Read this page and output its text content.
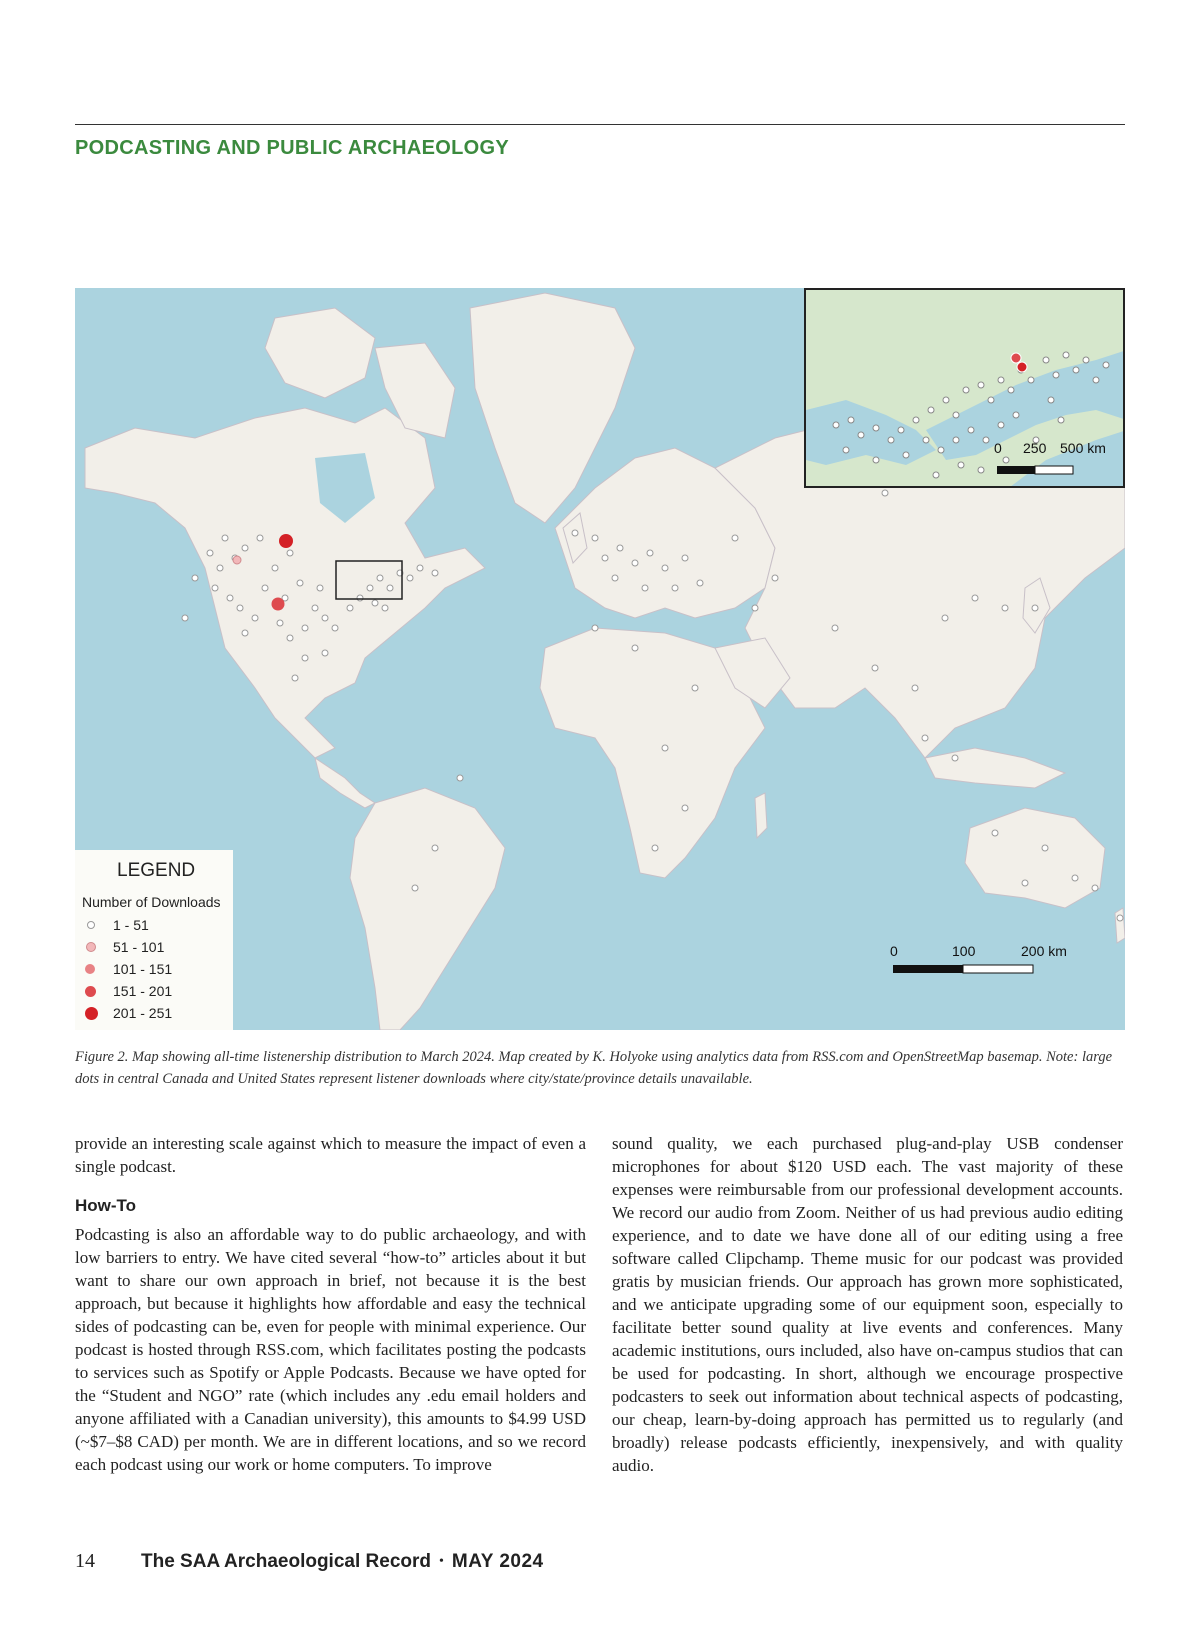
PODCASTING AND PUBLIC ARCHAEOLOGY
0	100	200 km
0 250 500 km
LEGEND
Number of Downloads
1 - 51
51 - 101
101 - 151
151 - 201
201 - 251
Figure 2. Map showing all-time listenership distribution to March 2024. Map created by K. Holyoke using analytics data from RSS.com and OpenStreetMap basemap. Note: large dots in central Canada and United States represent listener downloads where city/state/province details unavailable.

provide an interesting scale against which to measure the impact of even a single podcast.

How-To

Podcasting is also an affordable way to do public archaeology, and with low barriers to entry. We have cited several “how-to” articles about it but want to share our own approach in brief, not because it is the best approach, but because it highlights how affordable and easy the technical sides of podcasting can be, even for people with minimal experience. Our podcast is hosted through RSS.com, which facilitates posting the podcasts to services such as Spotify or Apple Podcasts. Because we have opted for the “Student and NGO” rate (which includes any .edu email holders and anyone affiliated with a Canadian university), this amounts to $4.99 USD (~$7–$8 CAD) per month. We are in different locations, and so we record each podcast using our work or home computers. To improve

sound quality, we each purchased plug-and-play USB condenser microphones for about $120 USD each. The vast majority of these expenses were reimbursable from our professional development accounts. We record our audio from Zoom. Neither of us had previous audio editing experience, and to date we have done all of our editing using a free software called Clipchamp. Theme music for our podcast was provided gratis by musician friends. Our approach has grown more sophisticated, and we anticipate upgrading some of our equipment soon, especially to facilitate better sound quality at live events and conferences. Many academic institutions, ours included, also have on-campus studios that can be used for podcasting. In short, although we encourage prospective podcasters to seek out information about technical aspects of podcasting, our cheap, learn-by-doing approach has permitted us to regularly (and broadly) release podcasts efficiently, inexpensively, and with quality audio.

14 The SAA Archaeological Record • MAY 2024
